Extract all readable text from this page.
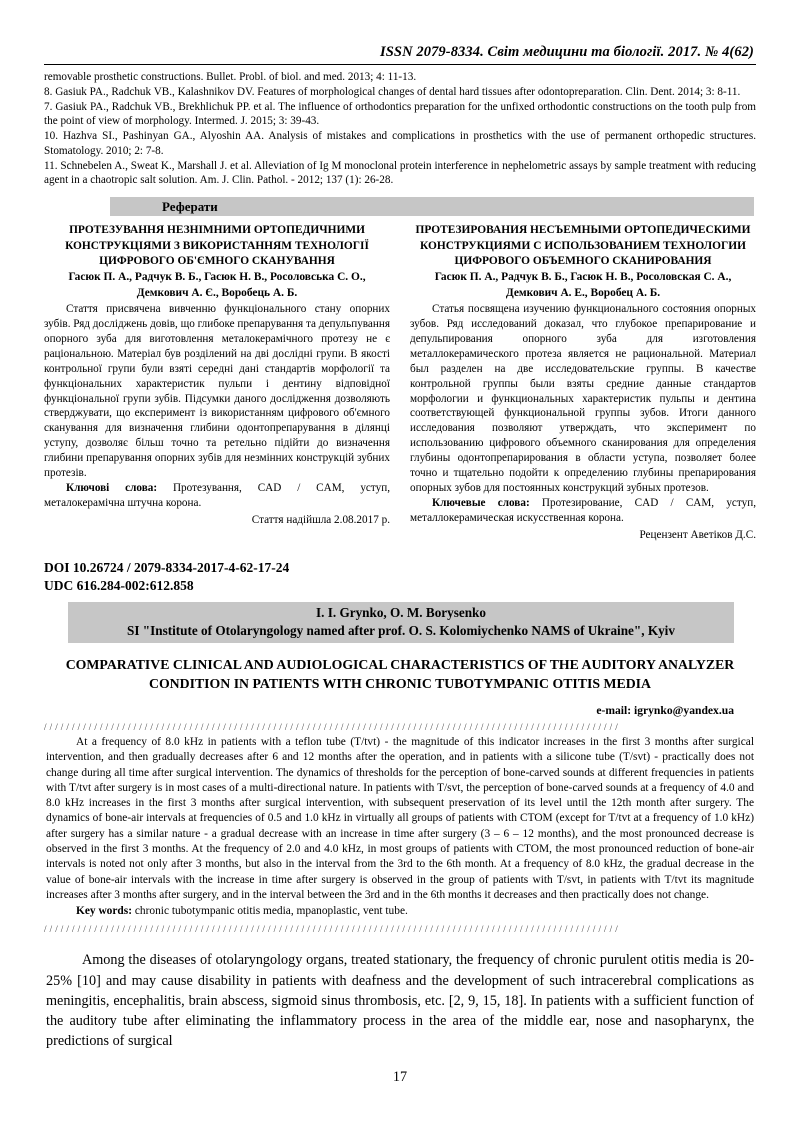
ISSN 2079-8334. Світ медицини та біології. 2017. № 4(62)

removable prosthetic constructions. Bullet. Probl. of biol. and med. 2013; 4: 11-13.

8. Gasiuk PA., Radchuk VB., Kalashnikov DV. Features of morphological changes of dental hard tissues after odontopreparation. Clin. Dent. 2014; 3: 8-11.

7. Gasiuk PA., Radchuk VB., Brekhlichuk PP. et al. The influence of orthodontics preparation for the unfixed orthodontic constructions on the tooth pulp from the point of view of morphology. Intermed. J. 2015; 3: 39-43.

10. Hazhva SI., Pashinyan GA., Alyoshin AA. Analysis of mistakes and complications in prosthetics with the use of permanent orthopedic structures. Stomatology. 2010; 2: 7-8.

11. Schnebelen A., Sweat K., Marshall J. et al. Alleviation of Ig M monoclonal protein interference in nephelometric assays by sample treatment with reducing agent in a chaotropic salt solution. Am. J. Clin. Pathol. - 2012; 137 (1): 26-28.

Реферати
ПРОТЕЗУВАННЯ НЕЗНІМНИМИ ОРТОПЕДИЧНИМИ КОНСТРУКЦІЯМИ З ВИКОРИСТАННЯМ ТЕХНОЛОГІЇ ЦИФРОВОГО ОБ'ЄМНОГО СКАНУВАННЯ
Гасюк П. А., Радчук В. Б., Гасюк Н. В., Росоловська С. О., Демкович А. Є., Воробець А. Б.
Стаття присвячена вивченню функціонального стану опорних зубів. Ряд досліджень довів, що глибоке препарування та депульпування опорного зуба для виготовлення металокерамічного протезу не є раціональною. Матеріал був розділений на дві дослідні групи. В якості контрольної групи були взяті середні дані стандартів морфології та функціональних характеристик пульпи і дентину відповідної функціональної групи зубів. Підсумки даного дослідження дозволяють стверджувати, що експеримент із використанням цифрового об'ємного сканування для визначення глибини одонтопрепарування в ділянці уступу, дозволяє більш точно та ретельно підійти до визначення глибини препарування опорних зубів для незмінних конструкцій зубних протезів.
Ключові слова: Протезування, CAD / CAM, уступ, металокерамічна штучна корона.
Стаття надійшла 2.08.2017 р.
ПРОТЕЗИРОВАНИЯ НЕСЪЕМНЫМИ ОРТОПЕДИЧЕСКИМИ КОНСТРУКЦИЯМИ С ИСПОЛЬЗОВАНИЕМ ТЕХНОЛОГИИ ЦИФРОВОГО ОБЪЕМНОГО СКАНИРОВАНИЯ
Гасюк П. А., Радчук В. Б., Гасюк Н. В., Росоловская С. А., Демкович А. Е., Воробец А. Б.
Статья посвящена изучению функционального состояния опорных зубов. Ряд исследований доказал, что глубокое препарирование и депульпирования опорного зуба для изготовления металлокерамического протеза является не рациональной. Материал был разделен на две исследовательские группы. В качестве контрольной группы были взяты средние данные стандартов морфологии и функциональных характеристик пульпы и дентина соответствующей функциональной группы зубов. Итоги данного исследования позволяют утверждать, что эксперимент по использованию цифрового объемного сканирования для определения глубины одонтопрепарирования в области уступа, позволяет более точно и тщательно подойти к определению глубины препарирования опорных зубов для постоянных конструкций зубных протезов.
Ключевые слова: Протезирование, CAD / CAM, уступ, металлокерамическая искусственная корона.
Рецензент Аветіков Д.С.
DOI 10.26724 / 2079-8334-2017-4-62-17-24
UDC 616.284-002:612.858
I. I. Grynko, O. M. Borysenko
SI "Institute of Otolaryngology named after prof. O. S. Kolomiychenko NAMS of Ukraine", Kyiv
COMPARATIVE CLINICAL AND AUDIOLOGICAL CHARACTERISTICS OF THE AUDITORY ANALYZER CONDITION IN PATIENTS WITH CHRONIC TUBOTYMPANIC OTITIS MEDIA
e-mail: igrynko@yandex.ua
///////////////////////////////////////////////////////////////////////////////////////////////////////

At a frequency of 8.0 kHz in patients with a teflon tube (T/tvt) - the magnitude of this indicator increases in the first 3 months after surgical intervention, and then gradually decreases after 6 and 12 months after the operation, and in patients with a silicone tube (T/svt) - practically does not change during all time after surgical intervention. The dynamics of thresholds for the perception of bone-carved sounds at different frequencies in patients with T/tvt after surgery is in most cases of a multi-directional nature. In patients with T/svt, the perception of bone-carved sounds at a frequency of 4.0 and 8.0 kHz increases in the first 3 months after surgical intervention, with subsequent preservation of its level until the 12th month after surgery. The dynamics of bone-air intervals at frequencies of 0.5 and 1.0 kHz in virtually all groups of patients with CTOM (except for T/tvt at a frequency of 1.0 kHz) after surgery has a similar nature - a gradual decrease with an increase in time after surgery (3 – 6 – 12 months), and the most pronounced decrease is observed in the first 3 months. At the frequency of 2.0 and 4.0 kHz, in most groups of patients with CTOM, the most pronounced reduction of bone-air intervals is noted not only after 3 months, but also in the interval from the 3rd to the 6th month. At a frequency of 8.0 kHz, the gradual decrease in the value of bone-air intervals with the increase in time after surgery is observed in the group of patients with T/svt, in patients with T/tvt its magnitude increases after 3 months after surgery, and in the interval between the 3rd and in the 6th months it decreases and then practically does not change.

Key words: chronic tubotympanic otitis media, mpanoplastic, vent tube.
///////////////////////////////////////////////////////////////////////////////////////////////////////

Among the diseases of otolaryngology organs, treated stationary, the frequency of chronic purulent otitis media is 20-25% [10] and may cause disability in patients with deafness and the development of such intracerebral complications as meningitis, encephalitis, brain abscess, sigmoid sinus thrombosis, etc. [2, 9, 15, 18]. In patients with a sufficient function of the auditory tube after eliminating the inflammatory process in the area of the middle ear, nose and nasopharynx, the predictions of surgical

17
